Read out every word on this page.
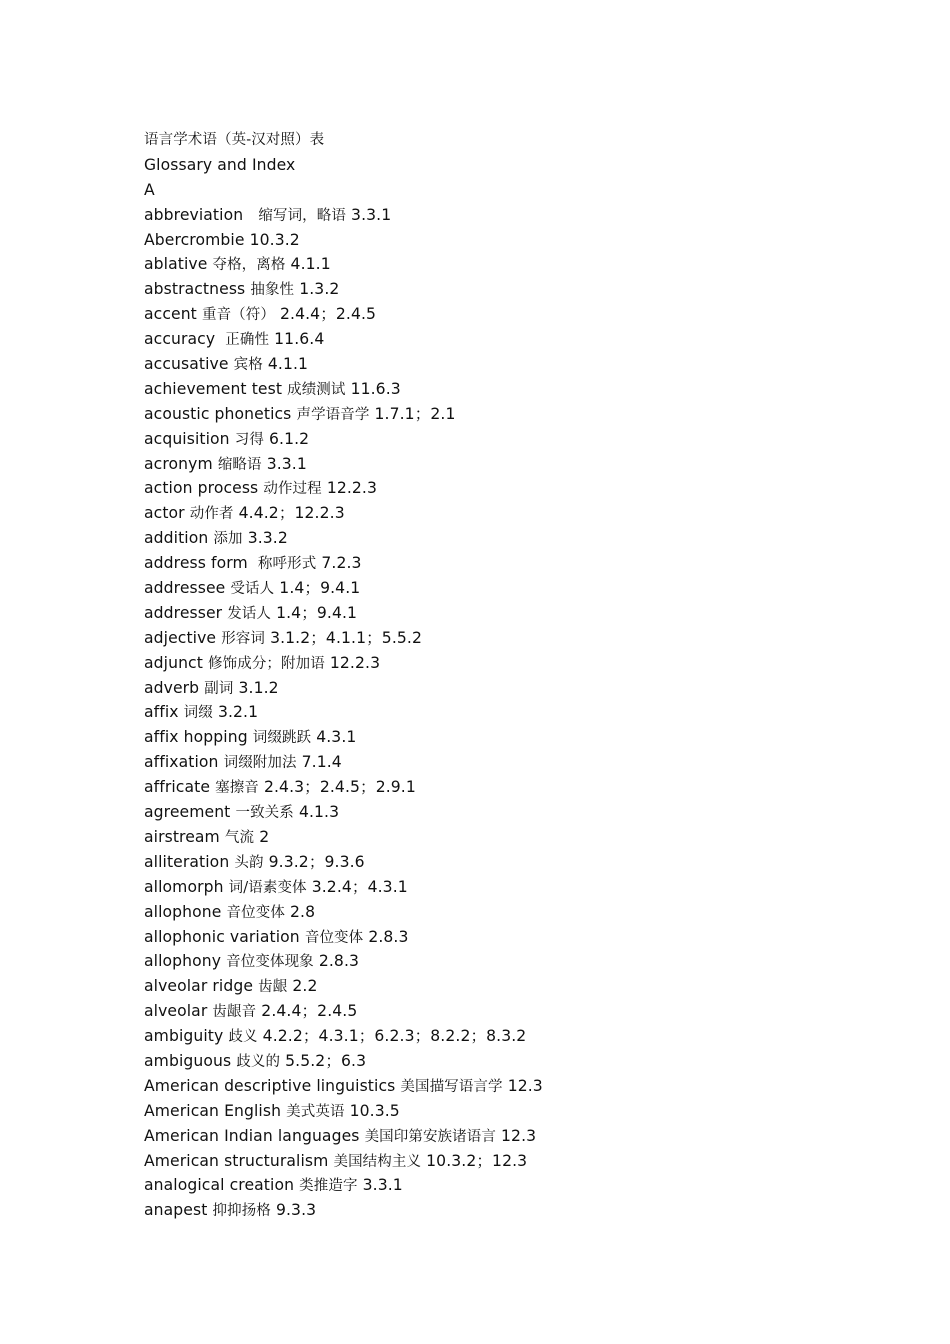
语言学术语（英-汉对照）表
Glossary and Index
A
abbreviation 缩写词，略语 3.3.1
Abercrombie 10.3.2
ablative 夺格，离格 4.1.1
abstractness 抽象性 1.3.2
accent 重音（符） 2.4.4；2.4.5
accuracy 正确性 11.6.4
accusative 宾格 4.1.1
achievement test 成绩测试 11.6.3
acoustic phonetics 声学语音学 1.7.1；2.1
acquisition 习得 6.1.2
acronym 缩略语 3.3.1
action process 动作过程 12.2.3
actor 动作者 4.4.2；12.2.3
addition 添加 3.3.2
address form 称呼形式 7.2.3
addressee 受话人 1.4；9.4.1
addresser 发话人 1.4；9.4.1
adjective 形容词 3.1.2；4.1.1；5.5.2
adjunct 修饰成分；附加语 12.2.3
adverb 副词 3.1.2
affix 词缀 3.2.1
affix hopping 词缀跳跃 4.3.1
affixation 词缀附加法 7.1.4
affricate 塞擦音 2.4.3；2.4.5；2.9.1
agreement 一致关系 4.1.3
airstream 气流 2
alliteration 头韵 9.3.2；9.3.6
allomorph 词/语素变体 3.2.4；4.3.1
allophone 音位变体 2.8
allophonic variation 音位变体 2.8.3
allophony 音位变体现象 2.8.3
alveolar ridge 齿龈 2.2
alveolar 齿龈音 2.4.4；2.4.5
ambiguity 歧义 4.2.2；4.3.1；6.2.3；8.2.2；8.3.2
ambiguous 歧义的 5.5.2；6.3
American descriptive linguistics 美国描写语言学 12.3
American English 美式英语 10.3.5
American Indian languages 美国印第安族诸语言 12.3
American structuralism 美国结构主义 10.3.2；12.3
analogical creation 类推造字 3.3.1
anapest 抑抑扬格 9.3.3
